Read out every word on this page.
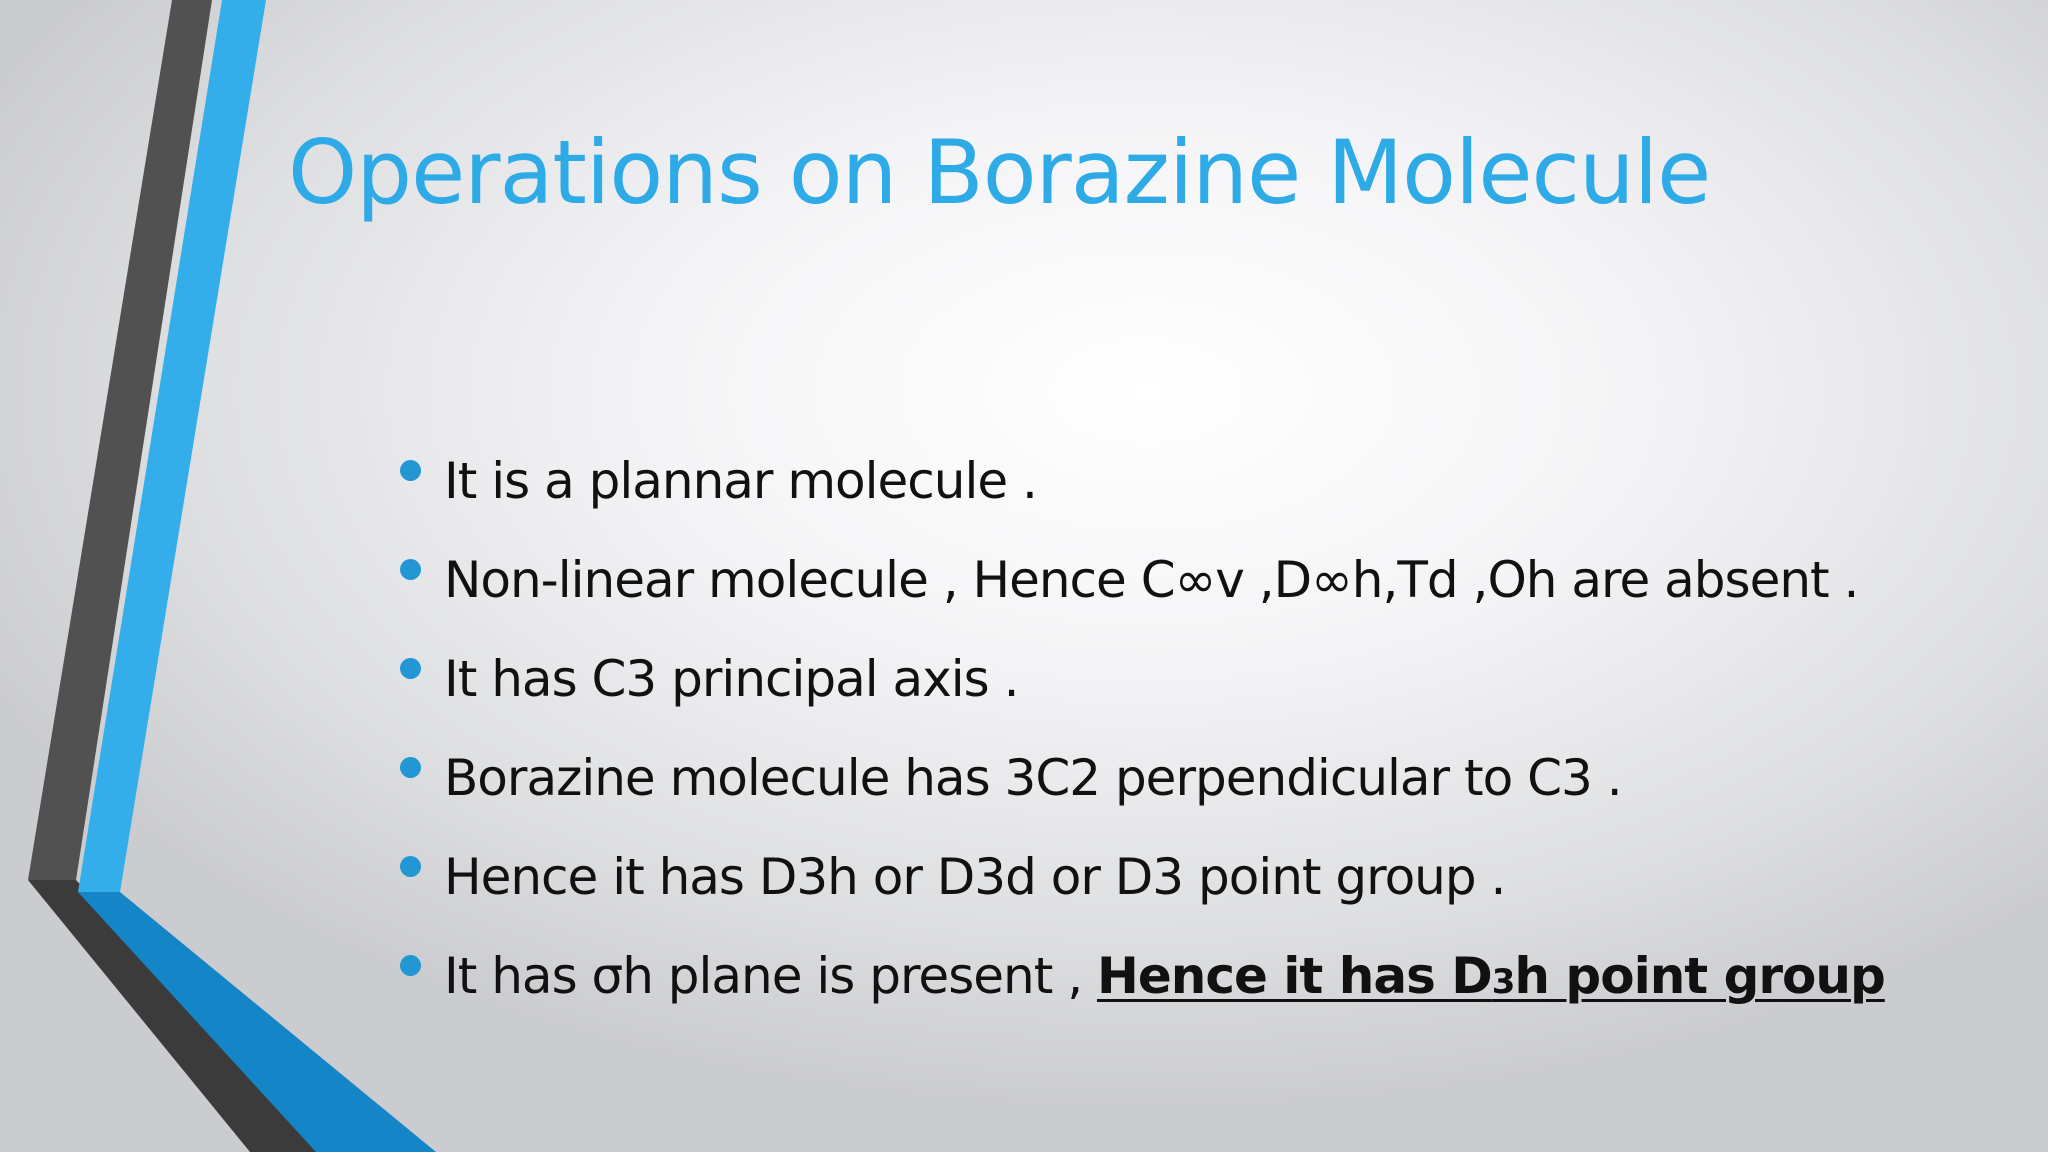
Operations on Borazine Molecule
It is a plannar molecule .
Non-linear molecule , Hence C∞v ,D∞h,Td ,Oh are absent .
It has C3 principal axis .
Borazine molecule has 3C2 perpendicular to C3 .
Hence it has D3h or D3d or D3 point group .
It has σh plane is present , Hence it has D3h point group
